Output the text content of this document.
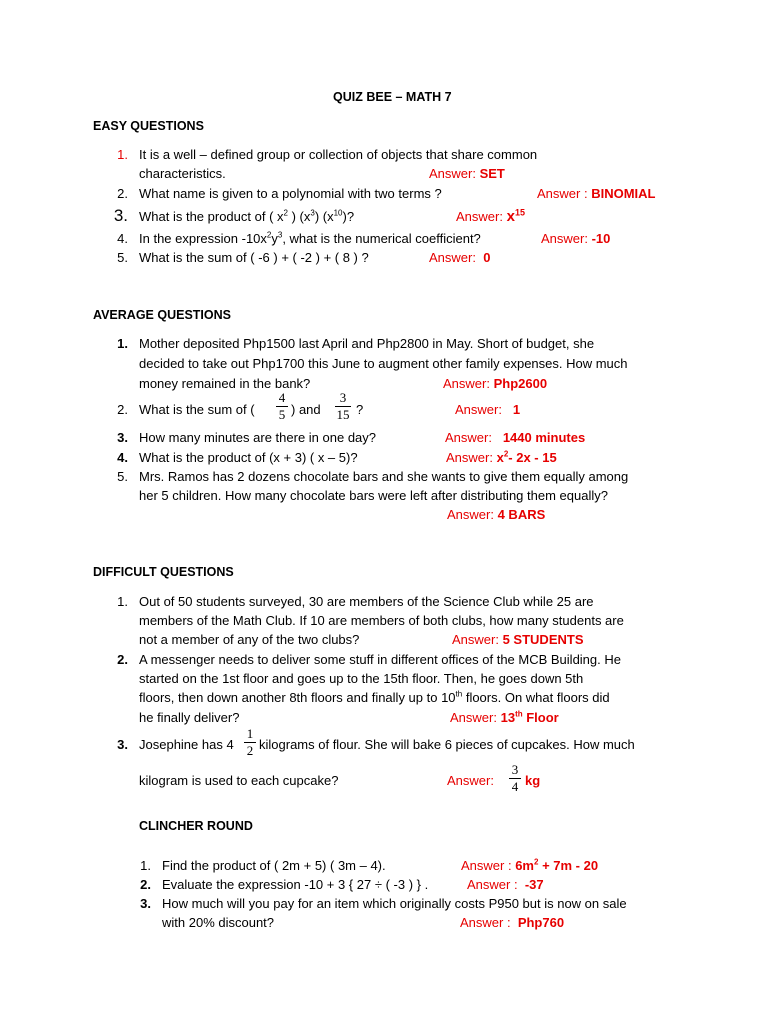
QUIZ BEE – MATH 7
EASY QUESTIONS
1. It is a well – defined group or collection of objects that share common
characteristics.	Answer: SET
2. What name is given to a polynomial with two terms ?	Answer : BINOMIAL
3. What is the product of ( $x^2$ ) $(x^3)$ $(x^{10})$?	Answer: $x^{15}$
4. In the expression $-10x^2y^3$, what is the numerical coefficient?	Answer: -10
5. What is the sum of ( -6 ) + ( -2 ) + ( 8 ) ?	Answer: 0
AVERAGE QUESTIONS
1. Mother deposited Php1500 last April and Php2800 in May. Short of budget, she
decided to take out Php1700 this June to augment other family expenses. How much
money remained in the bank?	Answer: Php2600
2. What is the sum of (
4
5 ) and
3
15 ?	Answer: 1
3. How many minutes are there in one day?	Answer: 1440 minutes
4. What is the product of (x + 3) ( x – 5)?	Answer: $x^2-$ 2x - 15
5. Mrs. Ramos has 2 dozens chocolate bars and she wants to give them equally among
her 5 children. How many chocolate bars were left after distributing them equally?
Answer: 4 BARS
DIFFICULT QUESTIONS
1. Out of 50 students surveyed, 30 are members of the Science Club while 25 are
members of the Math Club. If 10 are members of both clubs, how many students are
not a member of any of the two clubs?	Answer: 5 STUDENTS
2. A messenger needs to deliver some stuff in different offices of the MCB Building. He
started on the 1st floor and goes up to the 15th floor. Then, he goes down 5th
floors, then down another 8th floors and finally up to 10th floors. On what floors did
he finally deliver?	Answer: 13th Floor
3. Josephine has 4
1
2 kilograms of flour. She will bake 6 pieces of cupcakes. How much
kilogram is used to each cupcake?	Answer:
3
4 kg
CLINCHER ROUND
1. Find the product of ( 2m + 5) ( 3m – 4).	Answer : $6m^2 + 7m - 20$
2. Evaluate the expression -10 + 3 { 27 ÷ ( -3 ) } .	Answer : -37
3. How much will you pay for an item which originally costs P950 but is now on sale
with 20% discount?	Answer : Php760
